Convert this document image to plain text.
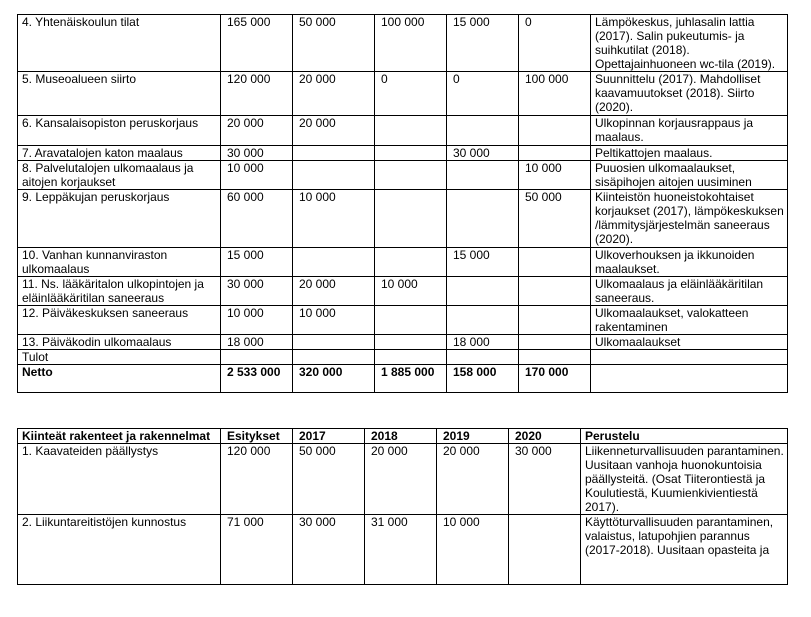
4. Yhtenäiskoulun tilat	165 000	50 000	100 000	15 000	0	Lämpökeskus, juhlasalin lattia (2017). Salin pukeutumis- ja suihkutilat (2018). Opettajainhuoneen wc-tila (2019).
5. Museoalueen siirto	120 000	20 000	0	0	100 000	Suunnittelu (2017). Mahdolliset kaavamuutokset (2018). Siirto (2020).
6. Kansalaisopiston peruskorjaus	20 000	20 000				Ulkopinnan korjausrappaus ja maalaus.
7. Aravatalojen katon maalaus	30 000			30 000		Peltikattojen maalaus.
8. Palvelutalojen ulkomaalaus ja aitojen korjaukset	10 000				10 000	Puuosien ulkomaalaukset, sisäpihojen aitojen uusiminen
9. Leppäkujan peruskorjaus	60 000	10 000			50 000	Kiinteistön huoneistokohtaiset korjaukset (2017), lämpökeskuksen /lämmitysjärjestelmän saneeraus (2020).
10. Vanhan kunnanviraston ulkomaalaus	15 000			15 000		Ulkoverhouksen ja ikkunoiden maalaukset.
11. Ns. lääkäritalon ulkopintojen ja eläinlääkäritilan saneeraus	30 000	20 000	10 000			Ulkomaalaus ja eläinlääkäritilan saneeraus.
12. Päiväkeskuksen saneeraus	10 000	10 000				Ulkomaalaukset, valokatteen rakentaminen
13. Päiväkodin ulkomaalaus	18 000			18 000		Ulkomaalaukset
Tulot						
Netto	2 533 000	320 000	1 885 000	158 000	170 000	
Kiinteät rakenteet ja rakennelmat	Esitykset	2017	2018	2019	2020	Perustelu
1. Kaavateiden päällystys	120 000	50 000	20 000	20 000	30 000	Liikenneturvallisuuden parantaminen. Uusitaan vanhoja huonokuntoisia päällysteitä. (Osat Tiiterontiestä ja Koulutiestä, Kuumienkivientiestä 2017).
2. Liikuntareitistöjen kunnostus	71 000	30 000	31 000	10 000		Käyttöturvallisuuden parantaminen, valaistus, latupohjien parannus (2017-2018). Uusitaan opasteita ja
